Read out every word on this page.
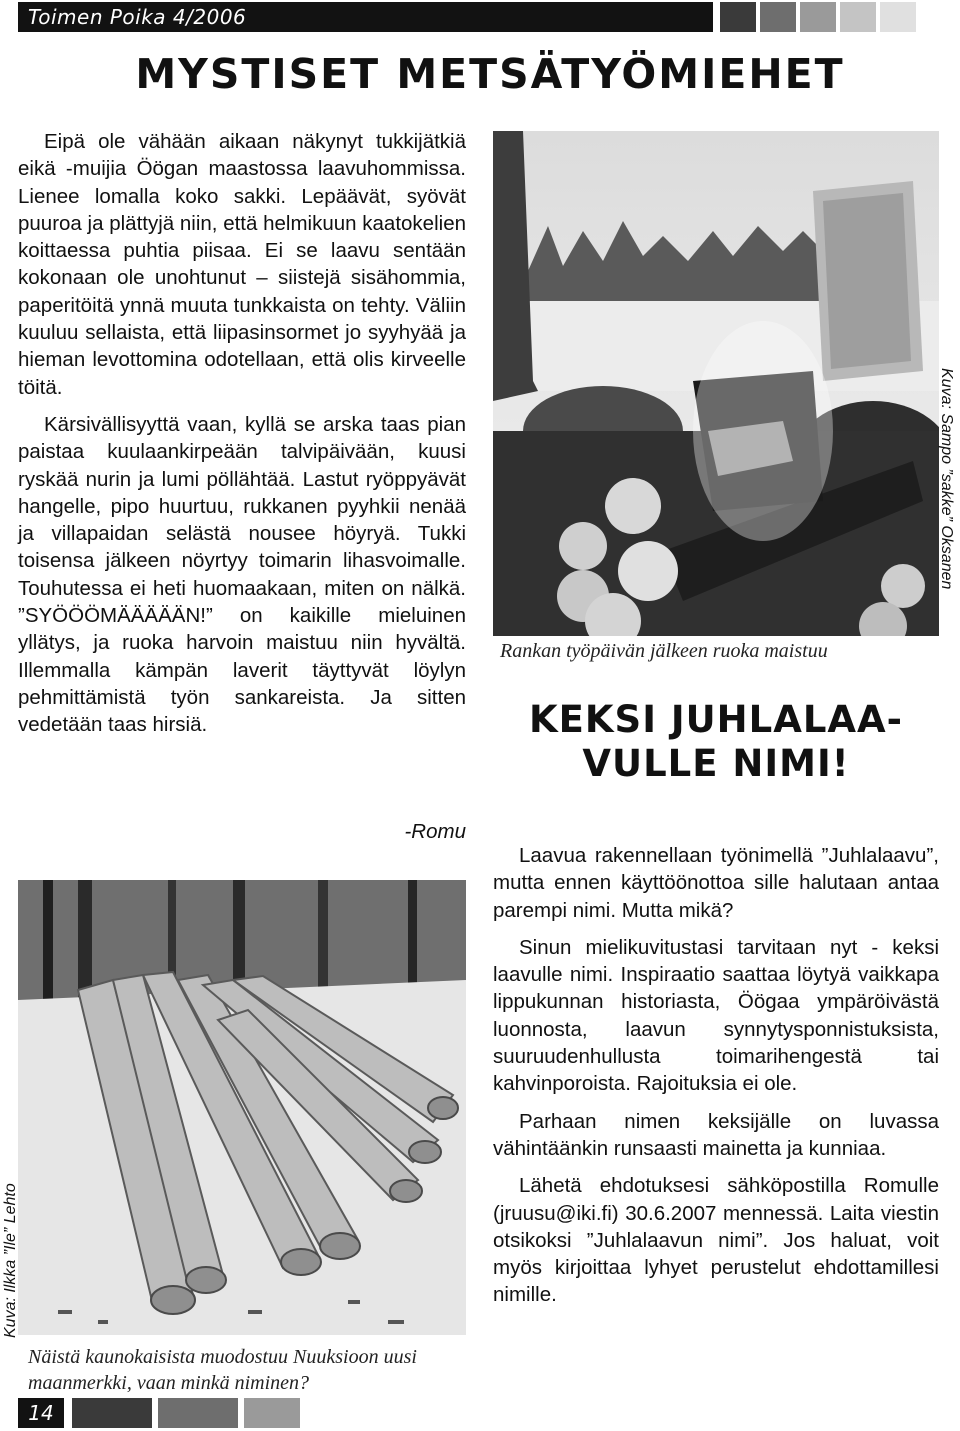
Toimen Poika 4/2006
MYSTISET METSÄTYÖMIEHET

Eipä ole vähään aikaan näkynyt tukkijätkiä eikä -muijia Öögan maastossa laavuhommissa. Lienee lomalla koko sakki. Lepäävät, syövät puuroa ja plättyjä niin, että helmikuun kaatokelien koittaessa puhtia piisaa. Ei se laavu sentään kokonaan ole unohtunut – siistejä sisähommia, paperitöitä ynnä muuta tunkkaista on tehty. Väliin kuuluu sellaista, että liipasinsormet jo syyhyää ja hieman levottomina odotellaan, että olis kirveelle töitä.

Kärsivällisyyttä vaan, kyllä se arska taas pian paistaa kuulaankirpeään talvipäivään, kuusi ryskää nurin ja lumi pöllähtää. Lastut ryöppyävät hangelle, pipo huurtuu, rukkanen pyyhkii nenää ja villapaidan selästä nousee höyryä. Tukki toisensa jälkeen nöyrtyy toimarin lihasvoimalle. Touhutessa ei heti huomaakaan, miten on nälkä. ”SYÖÖÖMÄÄÄÄÄN!” on kaikille mieluinen yllätys, ja ruoka harvoin maistuu niin hyvältä. Illemmalla kämpän laverit täyttyvät löylyn pehmittämistä työn sankareista. Ja sitten vedetään taas hirsiä.

-Romu
Rankan työpäivän jälkeen ruoka maistuu
Kuva: Sampo ”sakke” Oksanen
KEKSI JUHLALAA-
VULLE NIMI!

Laavua rakennellaan työnimellä ”Juhlalaavu”, mutta ennen käyttöönottoa sille halutaan antaa parempi nimi. Mutta mikä?

Sinun mielikuvitustasi tarvitaan nyt - keksi laavulle nimi. Inspiraatio saattaa löytyä vaikkapa lippukunnan historiasta, Öögaa ympäröivästä luonnosta, laavun synnytysponnistuksista, suuruudenhullusta toimarihengestä tai kahvinporoista. Rajoituksia ei ole.

Parhaan nimen keksijälle on luvassa vähintäänkin runsaasti mainetta ja kunniaa.

Lähetä ehdotuksesi sähköpostilla Romulle (jruusu@iki.fi) 30.6.2007 mennessä. Laita viestin otsikoksi ”Juhlalaavun nimi”. Jos haluat, voit myös kirjoittaa lyhyet perustelut ehdottamillesi nimille.

Näistä kaunokaisista muodostuu Nuuksioon uusi maanmerkki, vaan minkä niminen?
Kuva: Ilkka ”Ile” Lehto
14
